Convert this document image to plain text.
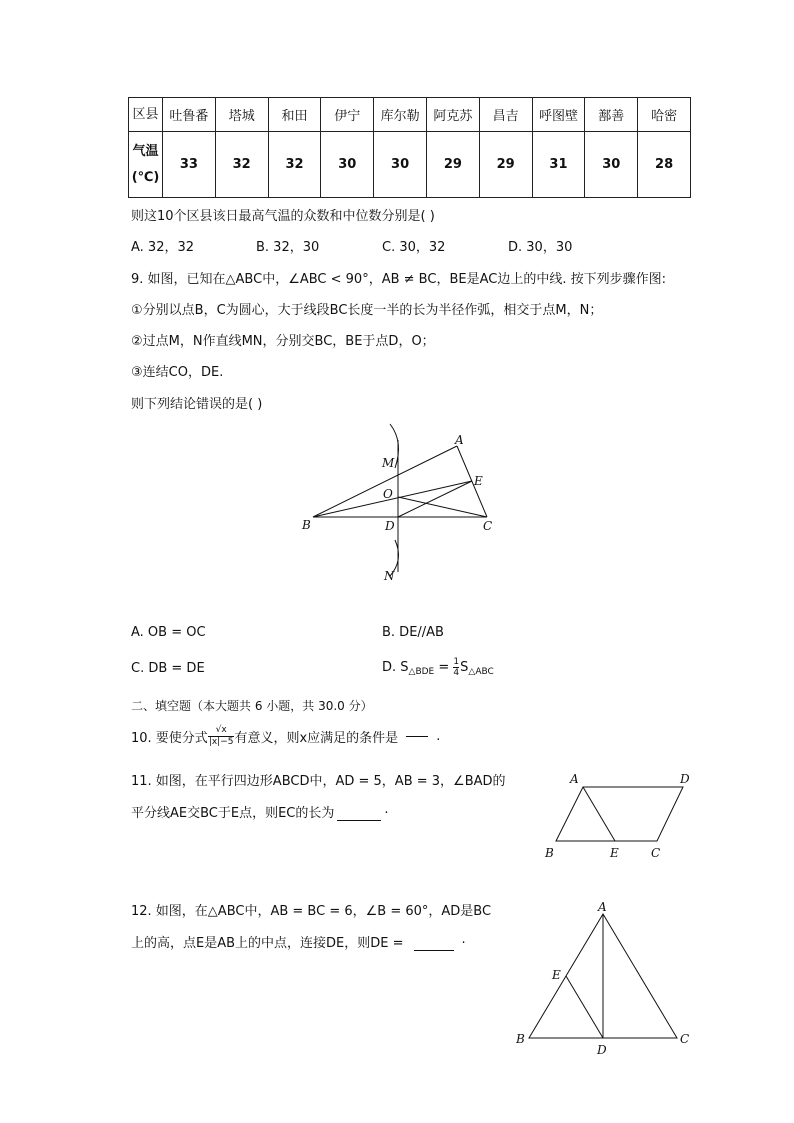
区县	吐鲁番	塔城	和田	伊宁	库尔勒	阿克苏	昌吉	呼图壁	鄯善	哈密

气温
(℃)	33	32	32	30	30	29	29	31	30	28
则这10个区县该日最高气温的众数和中位数分别是( )
A. 32，32	B. 32，30	C. 30，32	D. 30，30
9. 如图，已知在△ABC中，∠ABC < 90°，AB ≠ BC，BE是AC边上的中线. 按下列步骤作图:
①分别以点B，C为圆心，大于线段BC长度一半的长为半径作弧，相交于点M，N；
②过点M，N作直线MN，分别交BC，BE于点D，O；
③连结CO，DE.
则下列结论错误的是( )
A
M
E
O
B	D	C
N
A. OB = OC	B. DE//AB
C. DB = DE	D. S △BDE = $\frac{1}{4}$ S △ABC
二、填空题（本大题共 6 小题，共 30.0 分）
10. 要使分式 $\frac{√x}{|x|-5}$ 有意义，则x应满足的条件是	.
11. 如图，在平行四边形ABCD中，AD = 5，AB = 3，∠BAD的
平分线AE交BC于E点，则EC的长为	.
A	D
B	E	C
12. 如图，在△ABC中，AB = BC = 6，∠B = 60°，AD是BC
上的高，点E是AB上的中点，连接DE，则DE =	.
A
E
B
D
C
